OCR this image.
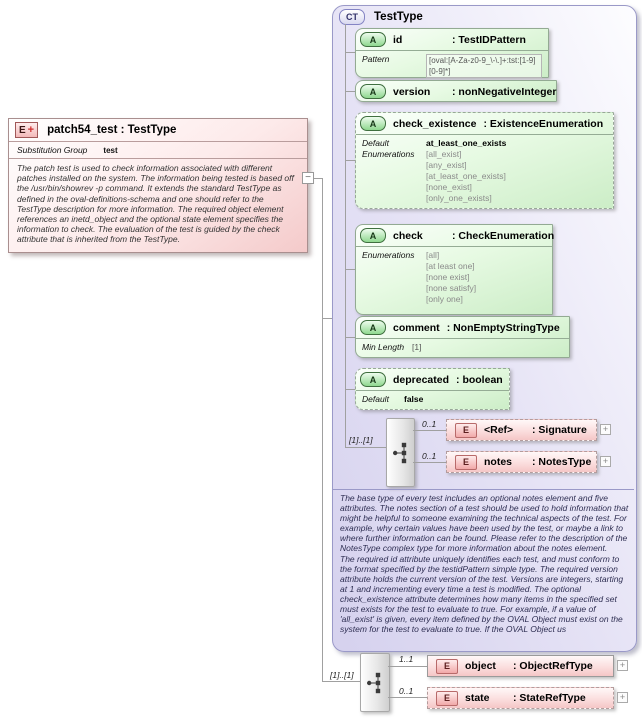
CT	TestType
A	id	: TestIDPattern
Pattern	[oval:[A-Za-z0-9_\-\.]+:tst:[1-9][0-9]*]
A	version	: nonNegativeInteger
A	check_existence : ExistenceEnumeration
Default	at_least_one_exists
Enumerations	[all_exist]
[any_exist]
[at_least_one_exists]
[none_exist]
[only_one_exists]
A	check	: CheckEnumeration
Enumerations	[all]
[at least one]
[none exist]
[none satisfy]
[only one]
A	comment : NonEmptyStringType
Min Length [1]
A	deprecated : boolean
Default	false
[1]..[1]
0..1
0..1
E	<Ref>	: Signature	+
E	notes	: NotesType	+

The base type of every test includes an optional notes element and five attributes. The notes section of a test should be used to hold information that might be helpful to someone examining the technical aspects of the test. For example, why certain values have been used by the test, or maybe a link to where further information can be found. Please refer to the description of the NotesType complex type for more information about the notes element.

The required id attribute uniquely identifies each test, and must conform to the format specified by the testidPattern simple type. The required version attribute holds the current version of the test. Versions are integers, starting at 1 and incrementing every time a test is modified. The optional check_existence attribute determines how many items in the specified set must exists for the test to evaluate to true. For example, if a value of 'all_exist' is given, every item defined by the OVAL Object must exist on the system for the test to evaluate to true. If the OVAL Object us

E + patch54_test : TestType
Substitution Group test
The patch test is used to check information associated with different patches installed on the system. The information being tested is based off the /usr/bin/showrev -p command. It extends the standard TestType as defined in the oval-definitions-schema and one should refer to the TestType description for more information. The required object element references an inetd_object and the optional state element specifies the information to check. The evaluation of the test is guided by the check attribute that is inherited from the TestType.
−
[1]..[1]
1..1
0..1
E	object	: ObjectRefType	+
E	state	: StateRefType	+
